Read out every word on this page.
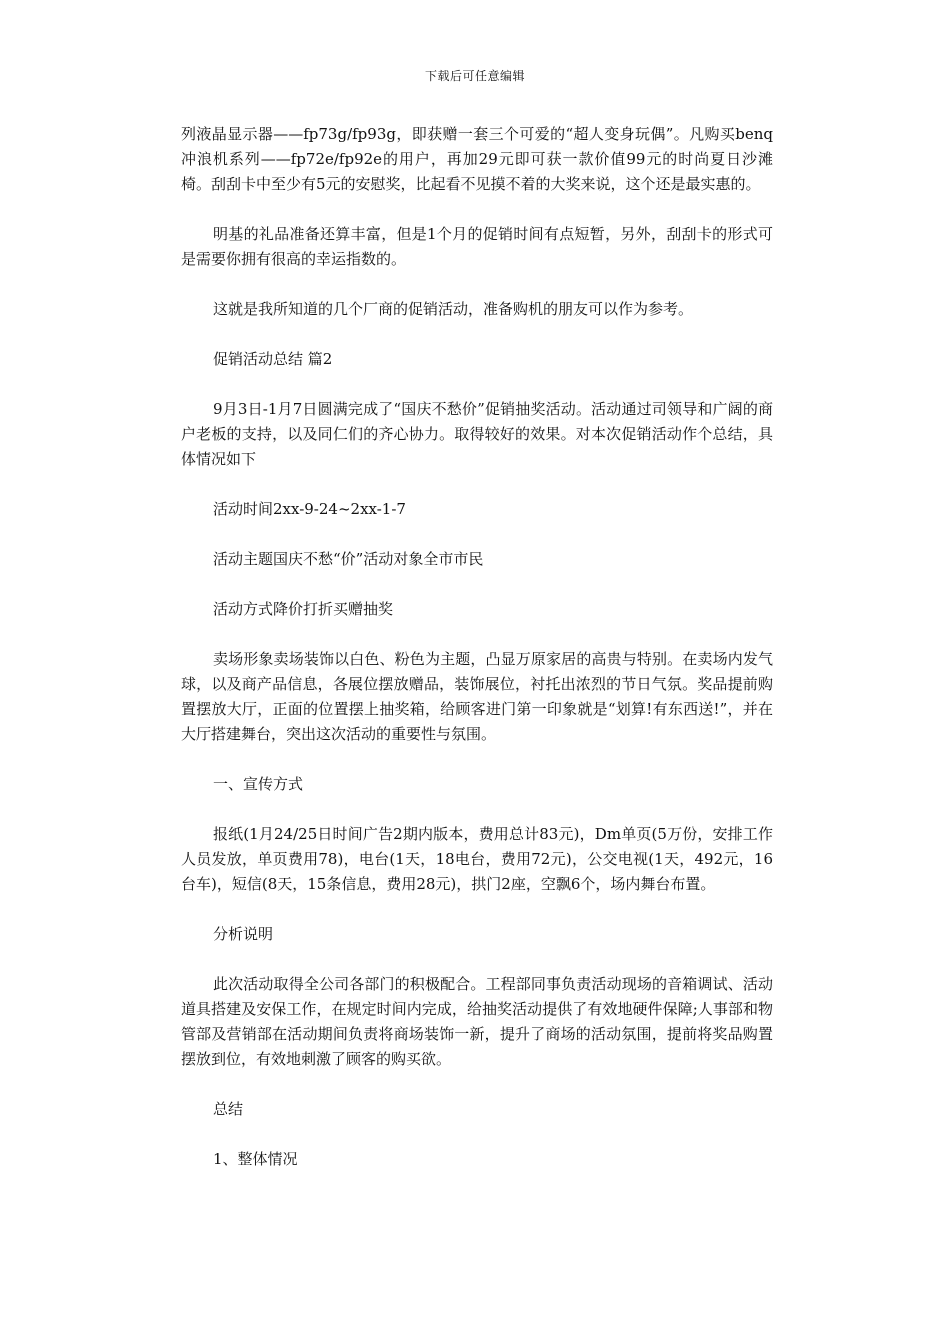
下载后可任意编辑

列液晶显示器——fp73g/fp93g，即获赠一套三个可爱的“超人变身玩偶”。凡购买benq冲浪机系列——fp72e/fp92e的用户，再加29元即可获一款价值99元的时尚夏日沙滩椅。刮刮卡中至少有5元的安慰奖，比起看不见摸不着的大奖来说，这个还是最实惠的。

明基的礼品准备还算丰富，但是1个月的促销时间有点短暂，另外，刮刮卡的形式可是需要你拥有很高的幸运指数的。

这就是我所知道的几个厂商的促销活动，准备购机的朋友可以作为参考。

促销活动总结 篇2

9月3日-1月7日圆满完成了“国庆不愁价”促销抽奖活动。活动通过司领导和广阔的商户老板的支持，以及同仁们的齐心协力。取得较好的效果。对本次促销活动作个总结，具体情况如下

活动时间2xx-9-24~2xx-1-7

活动主题国庆不愁“价”活动对象全市市民

活动方式降价打折买赠抽奖

卖场形象卖场装饰以白色、粉色为主题，凸显万原家居的高贵与特别。在卖场内发气球，以及商产品信息，各展位摆放赠品，装饰展位，衬托出浓烈的节日气氛。奖品提前购置摆放大厅，正面的位置摆上抽奖箱，给顾客进门第一印象就是“划算!有东西送!”，并在大厅搭建舞台，突出这次活动的重要性与氛围。

一、宣传方式

报纸(1月24/25日时间广告2期内版本，费用总计83元)，Dm单页(5万份，安排工作人员发放，单页费用78)，电台(1天，18电台，费用72元)，公交电视(1天，492元，16台车)，短信(8天，15条信息，费用28元)，拱门2座，空飘6个，场内舞台布置。

分析说明

此次活动取得全公司各部门的积极配合。工程部同事负责活动现场的音箱调试、活动道具搭建及安保工作，在规定时间内完成，给抽奖活动提供了有效地硬件保障;人事部和物管部及营销部在活动期间负责将商场装饰一新，提升了商场的活动氛围，提前将奖品购置摆放到位，有效地刺激了顾客的购买欲。

总结

1、整体情况
